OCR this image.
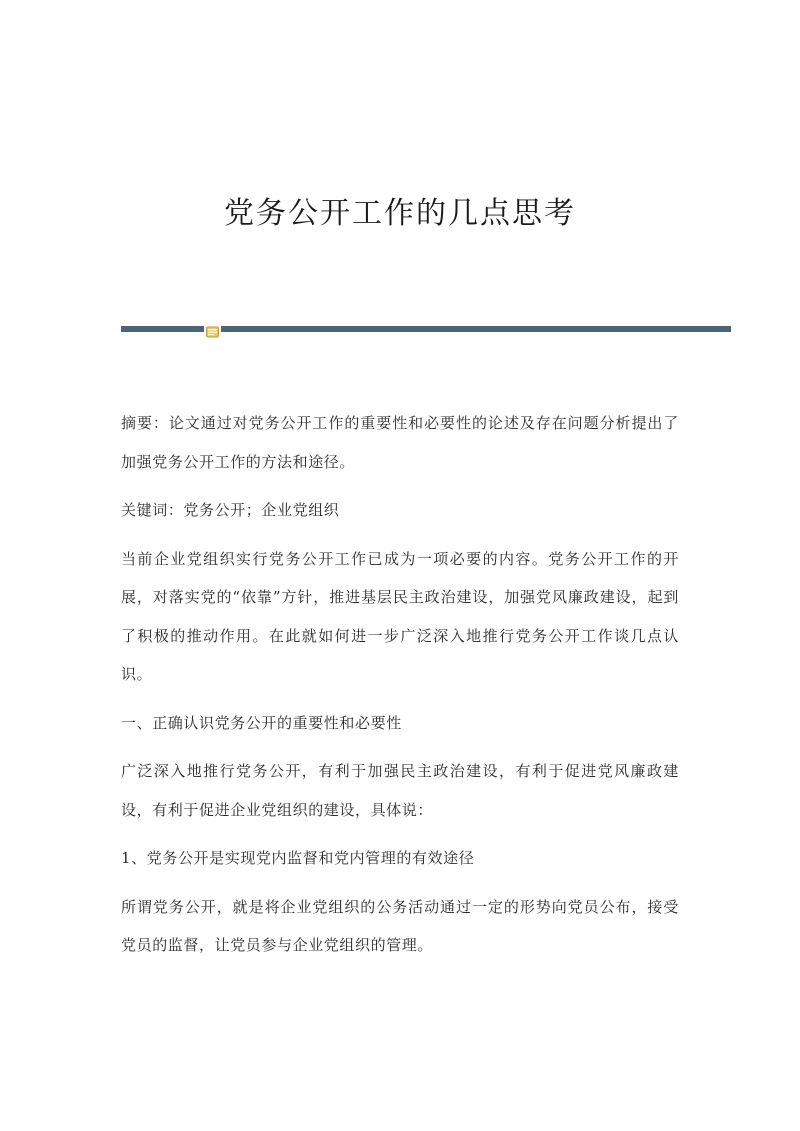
党务公开工作的几点思考

摘要：论文通过对党务公开工作的重要性和必要性的论述及存在问题分析提出了加强党务公开工作的方法和途径。

关键词：党务公开；企业党组织

当前企业党组织实行党务公开工作已成为一项必要的内容。党务公开工作的开展，对落实党的“依靠”方针，推进基层民主政治建设，加强党风廉政建设，起到了积极的推动作用。在此就如何进一步广泛深入地推行党务公开工作谈几点认识。

一、正确认识党务公开的重要性和必要性

广泛深入地推行党务公开，有利于加强民主政治建设，有利于促进党风廉政建设，有利于促进企业党组织的建设，具体说：

1、党务公开是实现党内监督和党内管理的有效途径

所谓党务公开，就是将企业党组织的公务活动通过一定的形势向党员公布，接受党员的监督，让党员参与企业党组织的管理。
